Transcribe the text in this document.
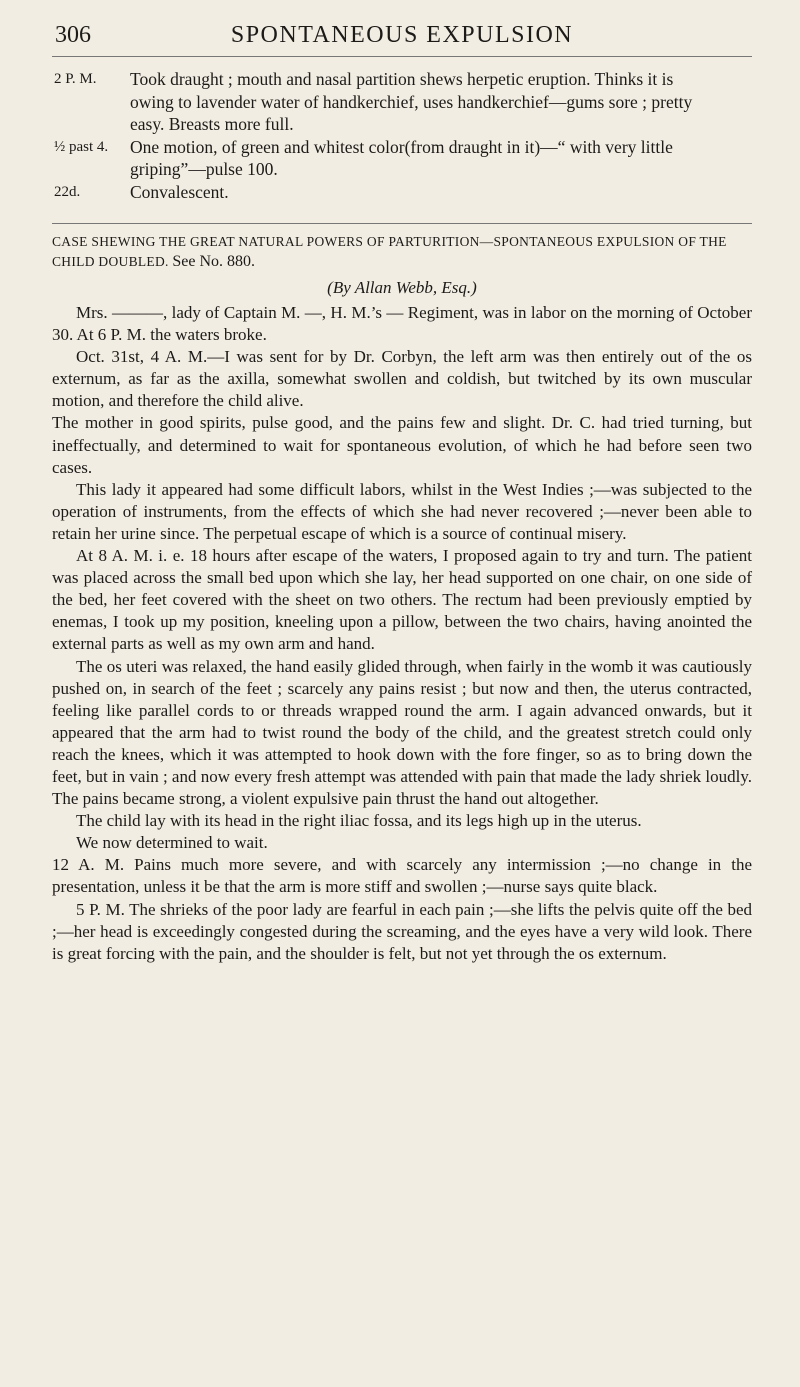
306	SPONTANEOUS EXPULSION
2 P. M.	Took draught ; mouth and nasal partition shews herpetic eruption. Thinks it is owing to lavender water of handkerchief, uses handkerchief—gums sore ; pretty easy. Breasts more full.
½ past 4.	One motion, of green and whitest color(from draught in it)—“ with very little griping”—pulse 100.
22d.	Convalescent.
CASE SHEWING THE GREAT NATURAL POWERS OF PARTURITION—SPONTANEOUS EXPULSION OF THE CHILD DOUBLED. See No. 880.
(By Allan Webb, Esq.)

Mrs. ———, lady of Captain M. —, H. M.’s — Regiment, was in labor on the morning of October 30. At 6 P. M. the waters broke.

Oct. 31st, 4 A. M.—I was sent for by Dr. Corbyn, the left arm was then entirely out of the os externum, as far as the axilla, somewhat swollen and coldish, but twitched by its own muscular motion, and therefore the child alive.

The mother in good spirits, pulse good, and the pains few and slight. Dr. C. had tried turning, but ineffectually, and determined to wait for spontaneous evolution, of which he had before seen two cases.

This lady it appeared had some difficult labors, whilst in the West Indies ;—was subjected to the operation of instruments, from the effects of which she had never recovered ;—never been able to retain her urine since. The perpetual escape of which is a source of continual misery.

At 8 A. M. i. e. 18 hours after escape of the waters, I proposed again to try and turn. The patient was placed across the small bed upon which she lay, her head supported on one chair, on one side of the bed, her feet covered with the sheet on two others. The rectum had been previously emptied by enemas, I took up my position, kneeling upon a pillow, between the two chairs, having anointed the external parts as well as my own arm and hand.

The os uteri was relaxed, the hand easily glided through, when fairly in the womb it was cautiously pushed on, in search of the feet ; scarcely any pains resist ; but now and then, the uterus contracted, feeling like parallel cords to or threads wrapped round the arm. I again advanced onwards, but it appeared that the arm had to twist round the body of the child, and the greatest stretch could only reach the knees, which it was attempted to hook down with the fore finger, so as to bring down the feet, but in vain ; and now every fresh attempt was attended with pain that made the lady shriek loudly. The pains became strong, a violent expulsive pain thrust the hand out altogether.

The child lay with its head in the right iliac fossa, and its legs high up in the uterus.

We now determined to wait.

12 A. M. Pains much more severe, and with scarcely any intermission ;—no change in the presentation, unless it be that the arm is more stiff and swollen ;—nurse says quite black.

5 P. M. The shrieks of the poor lady are fearful in each pain ;—she lifts the pelvis quite off the bed ;—her head is exceedingly congested during the screaming, and the eyes have a very wild look. There is great forcing with the pain, and the shoulder is felt, but not yet through the os externum.
